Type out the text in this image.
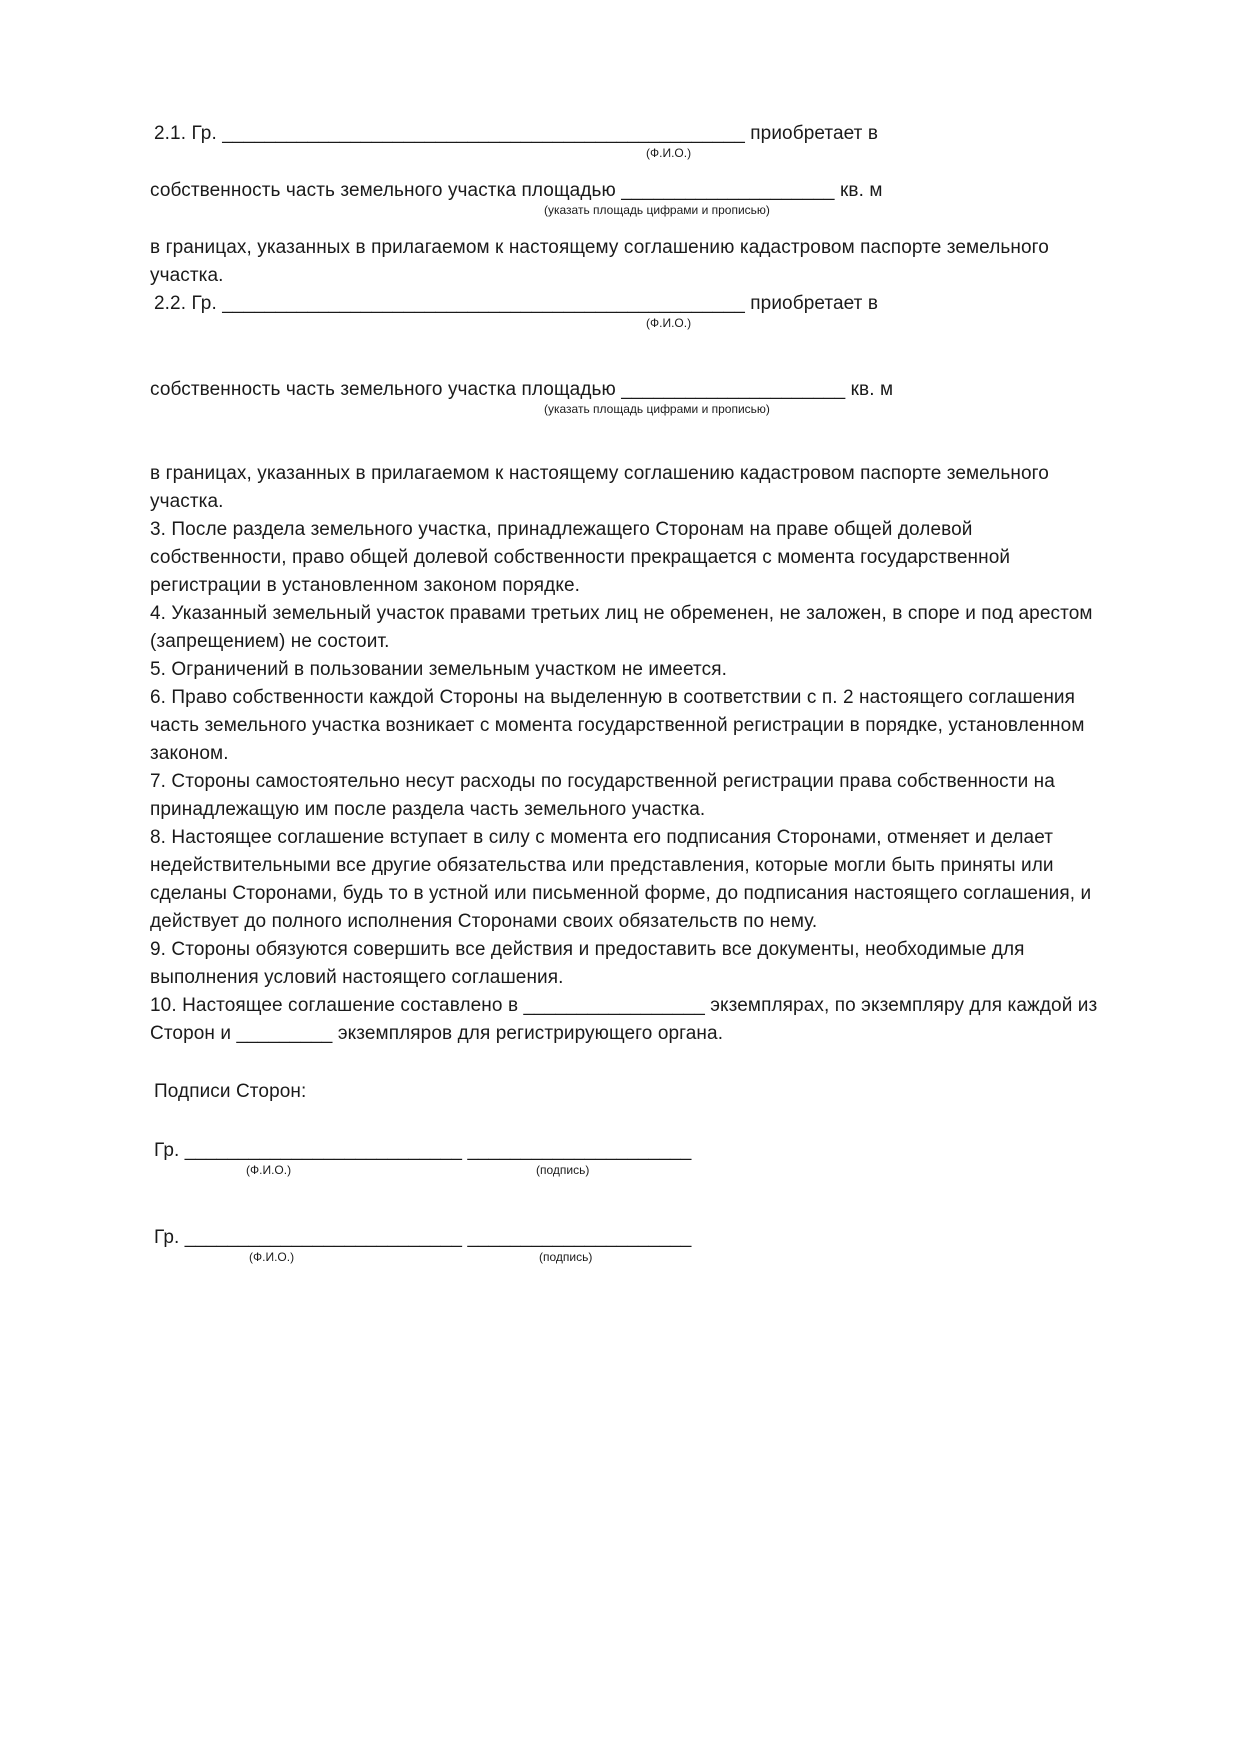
2.1. Гр. _________________________________________________ приобретает в
(Ф.И.О.)
собственность часть земельного участка площадью ____________________ кв. м
(указать площадь цифрами и прописью)
в границах, указанных в прилагаемом к настоящему соглашению кадастровом паспорте земельного
участка.
2.2. Гр. _________________________________________________ приобретает в
(Ф.И.О.)
собственность часть земельного участка площадью _____________________ кв. м
(указать площадь цифрами и прописью)
в границах, указанных в прилагаемом к настоящему соглашению кадастровом паспорте земельного
участка.
3. После раздела земельного участка, принадлежащего Сторонам на праве общей долевой
собственности, право общей долевой собственности прекращается с момента государственной
регистрации в установленном законом порядке.
4. Указанный земельный участок правами третьих лиц не обременен, не заложен, в споре и под арестом
(запрещением) не состоит.
5. Ограничений в пользовании земельным участком не имеется.
6. Право собственности каждой Стороны на выделенную в соответствии с п. 2 настоящего соглашения
часть земельного участка возникает с момента государственной регистрации в порядке, установленном
законом.
7. Стороны самостоятельно несут расходы по государственной регистрации права собственности на
принадлежащую им после раздела часть земельного участка.
8. Настоящее соглашение вступает в силу с момента его подписания Сторонами, отменяет и делает
недействительными все другие обязательства или представления, которые могли быть приняты или
сделаны Сторонами, будь то в устной или письменной форме, до подписания настоящего соглашения, и
действует до полного исполнения Сторонами своих обязательств по нему.
9. Стороны обязуются совершить все действия и предоставить все документы, необходимые для
выполнения условий настоящего соглашения.
10. Настоящее соглашение составлено в _________________ экземплярах, по экземпляру для каждой из
Сторон и _________ экземпляров для регистрирующего органа.
Подписи Сторон:
Гр. __________________________ _____________________
(Ф.И.О.)	(подпись)
Гр. __________________________ _____________________
(Ф.И.О.)	(подпись)
